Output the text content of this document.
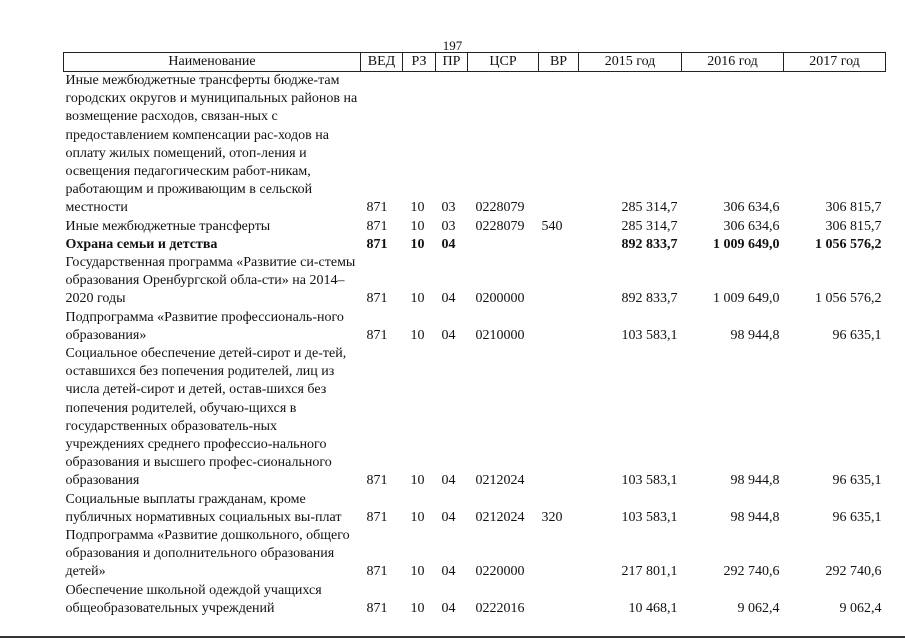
197
Наименование	ВЕД	РЗ	ПР	ЦСР	ВР	2015 год	2016 год	2017 год
Иные межбюджетные трансферты бюдже-там городских округов и муниципальных районов на возмещение расходов, связан-ных с предоставлением компенсации рас-ходов на оплату жилых помещений, отоп-ления и освещения педагогическим работ-никам, работающим и проживающим в сельской местности	871	10	03	0228079		285 314,7	306 634,6	306 815,7
Иные межбюджетные трансферты	871	10	03	0228079	540	285 314,7	306 634,6	306 815,7
Охрана семьи и детства	871	10	04			892 833,7	1 009 649,0	1 056 576,2
Государственная программа «Развитие си-стемы образования Оренбургской обла-сти» на 2014–2020 годы	871	10	04	0200000		892 833,7	1 009 649,0	1 056 576,2
Подпрограмма «Развитие профессиональ-ного образования»	871	10	04	0210000		103 583,1	98 944,8	96 635,1
Социальное обеспечение детей-сирот и де-тей, оставшихся без попечения родителей, лиц из числа детей-сирот и детей, остав-шихся без попечения родителей, обучаю-щихся в государственных образователь-ных учреждениях среднего профессио-нального образования и высшего профес-сионального образования	871	10	04	0212024		103 583,1	98 944,8	96 635,1
Социальные выплаты гражданам, кроме публичных нормативных социальных вы-плат	871	10	04	0212024	320	103 583,1	98 944,8	96 635,1
Подпрограмма «Развитие дошкольного, общего образования и дополнительного образования детей»	871	10	04	0220000		217 801,1	292 740,6	292 740,6
Обеспечение школьной одеждой учащихся общеобразовательных учреждений	871	10	04	0222016		10 468,1	9 062,4	9 062,4
